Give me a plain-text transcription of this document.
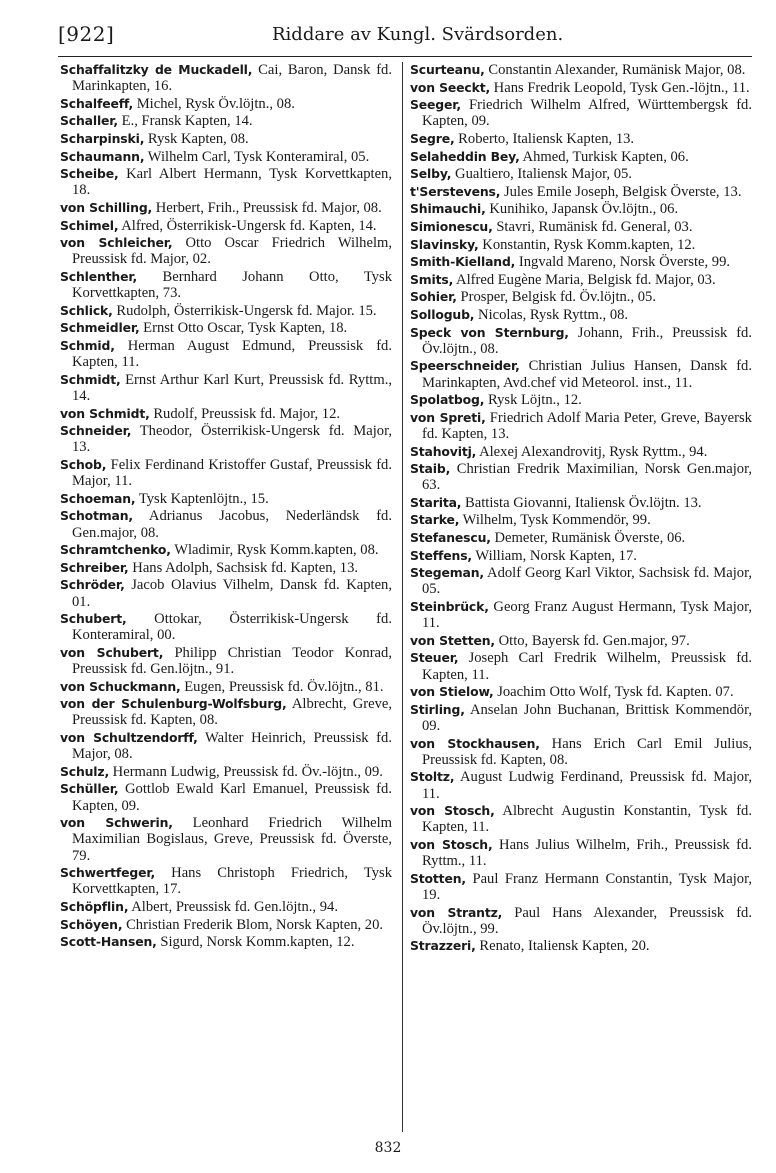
[922]	Riddare av Kungl. Svärdsorden.

Schaffalitzky de Muckadell, Cai, Baron, Dansk fd. Marinkapten, 16.

Schalfeeff, Michel, Rysk Öv.löjtn., 08.

Schaller, E., Fransk Kapten, 14.

Scharpinski, Rysk Kapten, 08.

Schaumann, Wilhelm Carl, Tysk Konteramiral, 05.

Scheibe, Karl Albert Hermann, Tysk Korvettkapten, 18.

von Schilling, Herbert, Frih., Preussisk fd. Major, 08.

Schimel, Alfred, Österrikisk-Ungersk fd. Kapten, 14.

von Schleicher, Otto Oscar Friedrich Wilhelm, Preussisk fd. Major, 02.

Schlenther, Bernhard Johann Otto, Tysk Korvettkapten, 73.

Schlick, Rudolph, Österrikisk-Ungersk fd. Major. 15.

Schmeidler, Ernst Otto Oscar, Tysk Kapten, 18.

Schmid, Herman August Edmund, Preussisk fd. Kapten, 11.

Schmidt, Ernst Arthur Karl Kurt, Preussisk fd. Ryttm., 14.

von Schmidt, Rudolf, Preussisk fd. Major, 12.

Schneider, Theodor, Österrikisk-Ungersk fd. Major, 13.

Schob, Felix Ferdinand Kristoffer Gustaf, Preussisk fd. Major, 11.

Schoeman, Tysk Kaptenlöjtn., 15.

Schotman, Adrianus Jacobus, Nederländsk fd. Gen.major, 08.

Schramtchenko, Wladimir, Rysk Komm.kapten, 08.

Schreiber, Hans Adolph, Sachsisk fd. Kapten, 13.

Schröder, Jacob Olavius Vilhelm, Dansk fd. Kapten, 01.

Schubert, Ottokar, Österrikisk-Ungersk fd. Konteramiral, 00.

von Schubert, Philipp Christian Teodor Konrad, Preussisk fd. Gen.löjtn., 91.

von Schuckmann, Eugen, Preussisk fd. Öv.löjtn., 81.

von der Schulenburg-Wolfsburg, Albrecht, Greve, Preussisk fd. Kapten, 08.

von Schultzendorff, Walter Heinrich, Preussisk fd. Major, 08.

Schulz, Hermann Ludwig, Preussisk fd. Öv.-löjtn., 09.

Schüller, Gottlob Ewald Karl Emanuel, Preussisk fd. Kapten, 09.

von Schwerin, Leonhard Friedrich Wilhelm Maximilian Bogislaus, Greve, Preussisk fd. Överste, 79.

Schwertfeger, Hans Christoph Friedrich, Tysk Korvettkapten, 17.

Schöpflin, Albert, Preussisk fd. Gen.löjtn., 94.

Schöyen, Christian Frederik Blom, Norsk Kapten, 20.

Scott-Hansen, Sigurd, Norsk Komm.kapten, 12.

Scurteanu, Constantin Alexander, Rumänisk Major, 08.

von Seeckt, Hans Fredrik Leopold, Tysk Gen.-löjtn., 11.

Seeger, Friedrich Wilhelm Alfred, Württembergsk fd. Kapten, 09.

Segre, Roberto, Italiensk Kapten, 13.

Selaheddin Bey, Ahmed, Turkisk Kapten, 06.

Selby, Gualtiero, Italiensk Major, 05.

t'Serstevens, Jules Emile Joseph, Belgisk Överste, 13.

Shimauchi, Kunihiko, Japansk Öv.löjtn., 06.

Simionescu, Stavri, Rumänisk fd. General, 03.

Slavinsky, Konstantin, Rysk Komm.kapten, 12.

Smith-Kielland, Ingvald Mareno, Norsk Överste, 99.

Smits, Alfred Eugène Maria, Belgisk fd. Major, 03.

Sohier, Prosper, Belgisk fd. Öv.löjtn., 05.

Sollogub, Nicolas, Rysk Ryttm., 08.

Speck von Sternburg, Johann, Frih., Preussisk fd. Öv.löjtn., 08.

Speerschneider, Christian Julius Hansen, Dansk fd. Marinkapten, Avd.chef vid Meteorol. inst., 11.

Spolatbog, Rysk Löjtn., 12.

von Spreti, Friedrich Adolf Maria Peter, Greve, Bayersk fd. Kapten, 13.

Stahovitj, Alexej Alexandrovitj, Rysk Ryttm., 94.

Staib, Christian Fredrik Maximilian, Norsk Gen.major, 63.

Starita, Battista Giovanni, Italiensk Öv.löjtn. 13.

Starke, Wilhelm, Tysk Kommendör, 99.

Stefanescu, Demeter, Rumänisk Överste, 06.

Steffens, William, Norsk Kapten, 17.

Stegeman, Adolf Georg Karl Viktor, Sachsisk fd. Major, 05.

Steinbrück, Georg Franz August Hermann, Tysk Major, 11.

von Stetten, Otto, Bayersk fd. Gen.major, 97.

Steuer, Joseph Carl Fredrik Wilhelm, Preussisk fd. Kapten, 11.

von Stielow, Joachim Otto Wolf, Tysk fd. Kapten. 07.

Stirling, Anselan John Buchanan, Brittisk Kommendör, 09.

von Stockhausen, Hans Erich Carl Emil Julius, Preussisk fd. Kapten, 08.

Stoltz, August Ludwig Ferdinand, Preussisk fd. Major, 11.

von Stosch, Albrecht Augustin Konstantin, Tysk fd. Kapten, 11.

von Stosch, Hans Julius Wilhelm, Frih., Preussisk fd. Ryttm., 11.

Stotten, Paul Franz Hermann Constantin, Tysk Major, 19.

von Strantz, Paul Hans Alexander, Preussisk fd. Öv.löjtn., 99.

Strazzeri, Renato, Italiensk Kapten, 20.

832
